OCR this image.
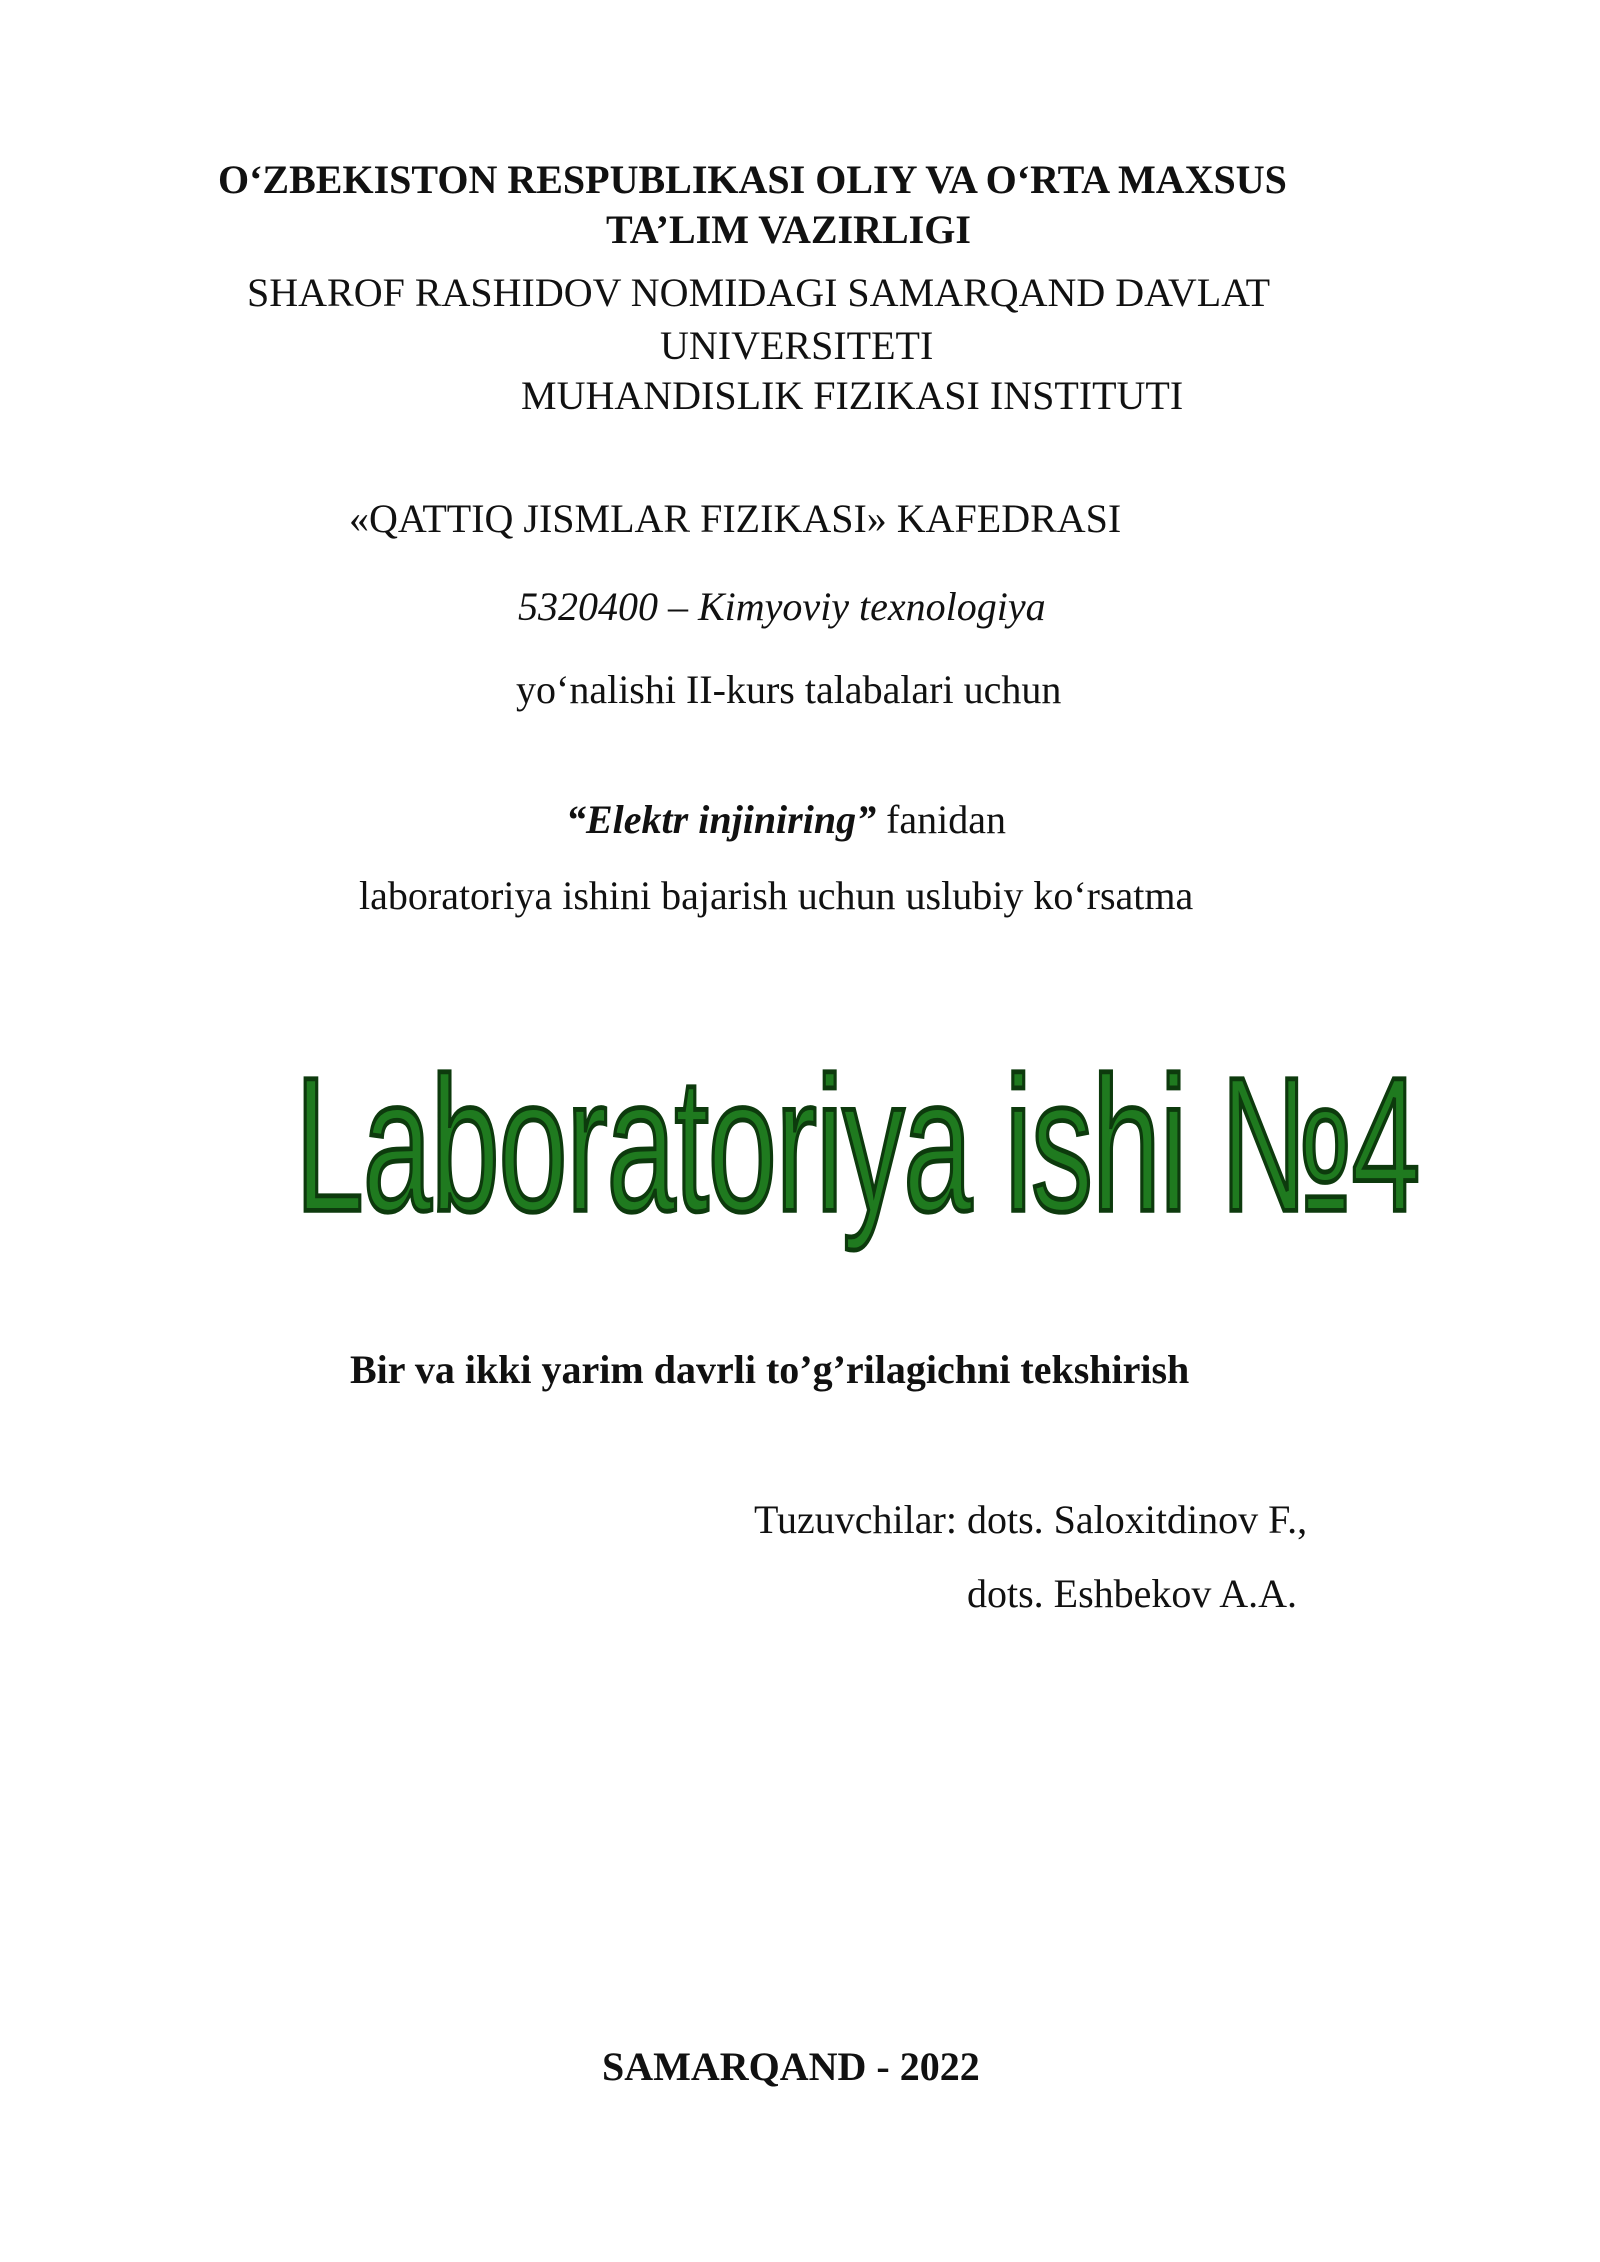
O‘ZBEKISTON RESPUBLIKASI OLIY VA O‘RTA MAXSUS
TA’LIM VAZIRLIGI
SHAROF RASHIDOV NOMIDAGI SAMARQAND DAVLAT
UNIVERSITETI
MUHANDISLIK FIZIKASI INSTITUTI
«QATTIQ JISMLAR FIZIKASI» KAFEDRASI
5320400 – Kimyoviy texnologiya
yo‘nalishi II-kurs talabalari uchun
“Elektr injiniring” fanidan
laboratoriya ishini bajarish uchun uslubiy ko‘rsatma
Laboratoriya ishi №4
Bir va ikki yarim davrli to’g’rilagichni tekshirish
Tuzuvchilar: dots. Saloxitdinov F.,
dots. Eshbekov A.A.
SAMARQAND - 2022
